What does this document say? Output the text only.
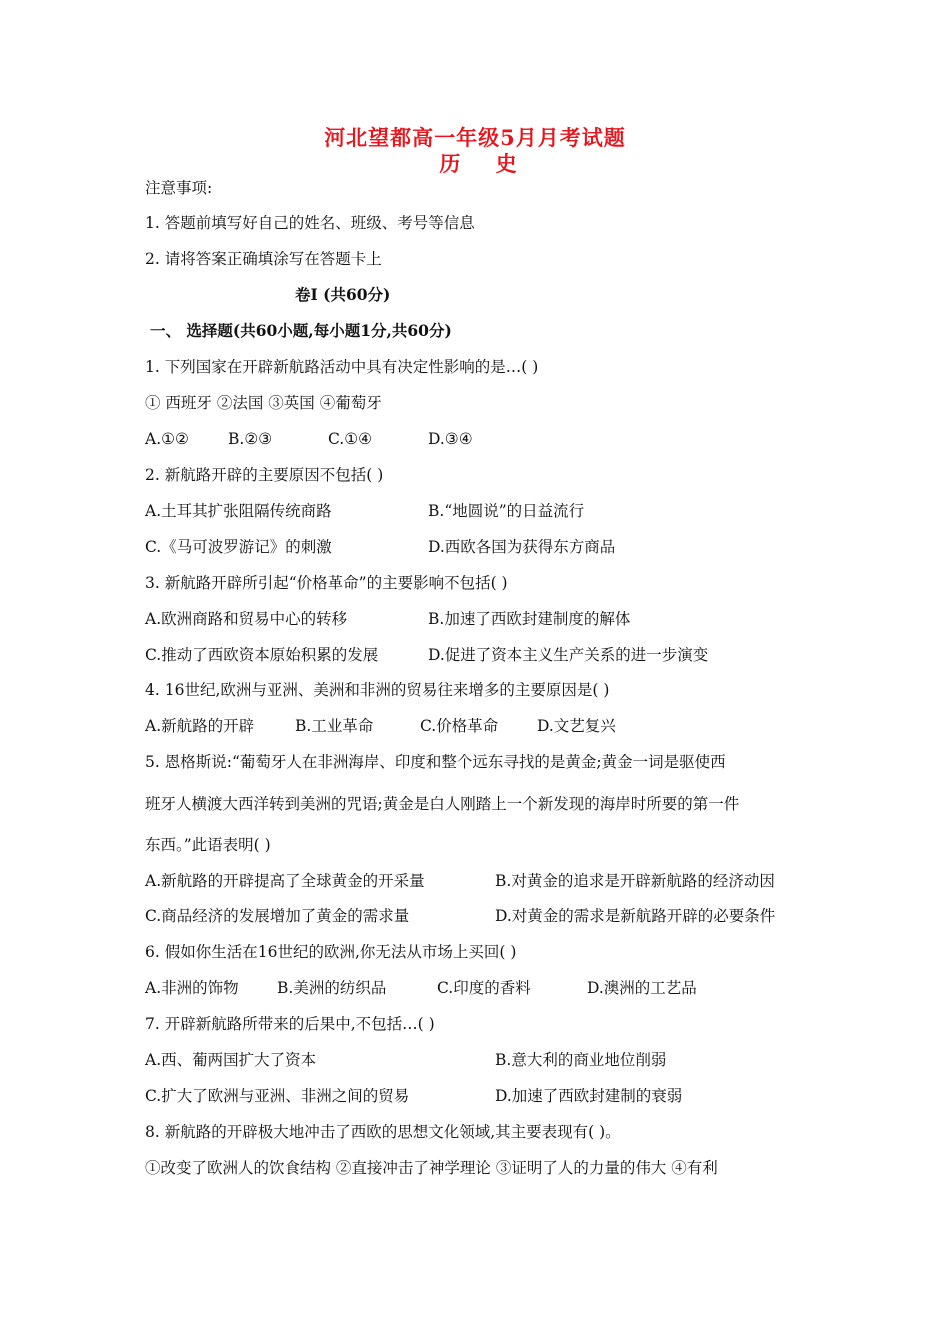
河北望都高一年级5月月考试题
历 史
注意事项:
1. 答题前填写好自己的姓名、班级、考号等信息
2. 请将答案正确填涂写在答题卡上
卷Ⅰ (共60分)
一、 选择题(共60小题,每小题1分,共60分)
1. 下列国家在开辟新航路活动中具有决定性影响的是…( )
① 西班牙 ②法国 ③英国 ④葡萄牙
A.①②	B.②③	C.①④	D.③④
2. 新航路开辟的主要原因不包括( )
A.土耳其扩张阻隔传统商路	B.“地圆说”的日益流行
C.《马可波罗游记》的刺激	D.西欧各国为获得东方商品
3. 新航路开辟所引起“价格革命”的主要影响不包括( )
A.欧洲商路和贸易中心的转移	B.加速了西欧封建制度的解体
C.推动了西欧资本原始积累的发展	D.促进了资本主义生产关系的进一步演变
4. 16世纪,欧洲与亚洲、美洲和非洲的贸易往来增多的主要原因是( )
A.新航路的开辟	B.工业革命	C.价格革命	D.文艺复兴
5. 恩格斯说:“葡萄牙人在非洲海岸、印度和整个远东寻找的是黄金;黄金一词是驱使西
班牙人横渡大西洋转到美洲的咒语;黄金是白人刚踏上一个新发现的海岸时所要的第一件
东西。”此语表明( )
A.新航路的开辟提高了全球黄金的开采量	B.对黄金的追求是开辟新航路的经济动因
C.商品经济的发展增加了黄金的需求量	D.对黄金的需求是新航路开辟的必要条件
6. 假如你生活在16世纪的欧洲,你无法从市场上买回( )
A.非洲的饰物 B.美洲的纺织品	C.印度的香料	D.澳洲的工艺品
7. 开辟新航路所带来的后果中,不包括…( )
A.西、葡两国扩大了资本	B.意大利的商业地位削弱
C.扩大了欧洲与亚洲、非洲之间的贸易	D.加速了西欧封建制的衰弱
8. 新航路的开辟极大地冲击了西欧的思想文化领域,其主要表现有( )。
①改变了欧洲人的饮食结构 ②直接冲击了神学理论 ③证明了人的力量的伟大 ④有利
